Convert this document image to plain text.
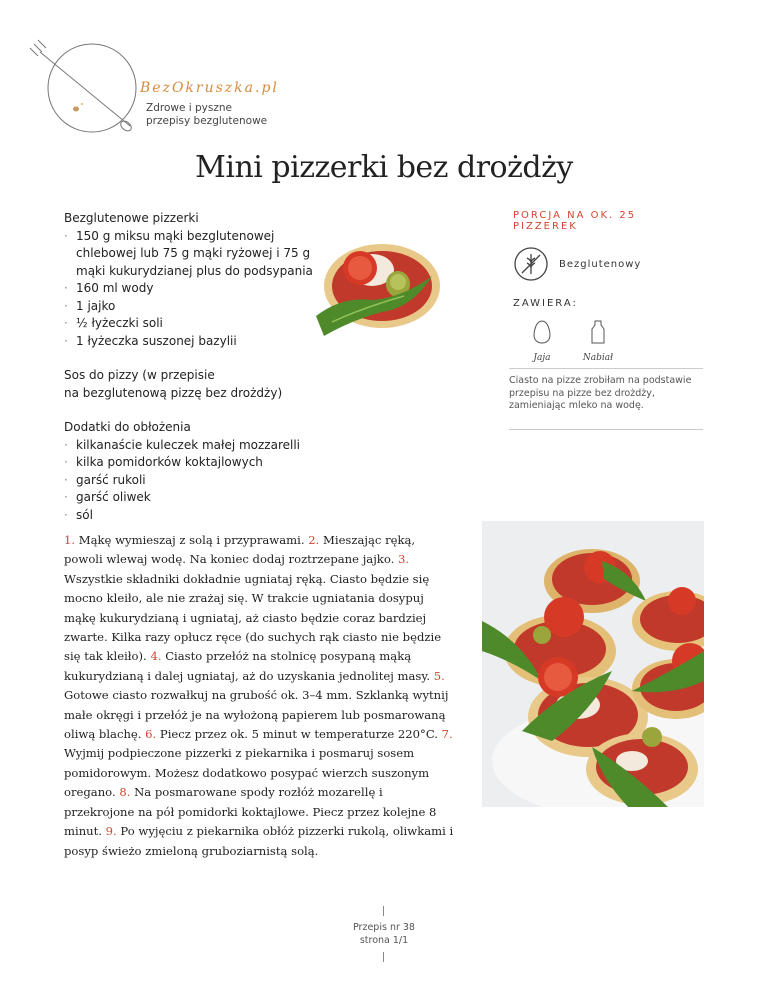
BezOkruszka.pl
Zdrowe i pyszne
przepisy bezglutenowe
Mini pizzerki bez drożdży
Bezglutenowe pizzerki
· 150 g miksu mąki bezglutenowej chlebowej lub 75 g mąki ryżowej i 75 g mąki kukurydzianej plus do podsypania
· 160 ml wody
· 1 jajko
· ½ łyżeczki soli
· 1 łyżeczka suszonej bazylii
Sos do pizzy (w przepisie
na bezglutenową pizzę bez drożdży)
Dodatki do obłożenia
· kilkanaście kuleczek małej mozzarelli
· kilka pomidorków koktajlowych
· garść rukoli
· garść oliwek
· sól
PORCJA NA OK. 25 PIZZEREK
Bezglutenowy
ZAWIERA:
Jaja	Nabiał
Ciasto na pizze zrobiłam na podstawie przepisu na pizze bez drożdży, zamieniając mleko na wodę.
1. Mąkę wymieszaj z solą i przyprawami. 2. Mieszając ręką, powoli wlewaj wodę. Na koniec dodaj roztrzepane jajko. 3. Wszystkie składniki dokładnie ugniataj ręką. Ciasto będzie się mocno kleiło, ale nie zrażaj się. W trakcie ugniatania dosypuj mąkę kukurydzianą i ugniataj, aż ciasto będzie coraz bardziej zwarte. Kilka razy opłucz ręce (do suchych rąk ciasto nie będzie się tak kleiło). 4. Ciasto przełóż na stolnicę posypaną mąką kukurydzianą i dalej ugniataj, aż do uzyskania jednolitej masy. 5. Gotowe ciasto rozwałkuj na grubość ok. 3–4 mm. Szklanką wytnij małe okręgi i przełóż je na wyłożoną papierem lub posmarowaną oliwą blachę. 6. Piecz przez ok. 5 minut w temperaturze 220°C. 7. Wyjmij podpieczone pizzerki z piekarnika i posmaruj sosem pomidorowym. Możesz dodatkowo posypać wierzch suszonym oregano. 8. Na posmarowane spody rozłóż mozarellę i przekrojone na pół pomidorki koktajlowe. Piecz przez kolejne 8 minut. 9. Po wyjęciu z piekarnika obłóż pizzerki rukolą, oliwkami i posyp świeżo zmieloną gruboziarnistą solą.
Przepis nr 38
strona 1/1
